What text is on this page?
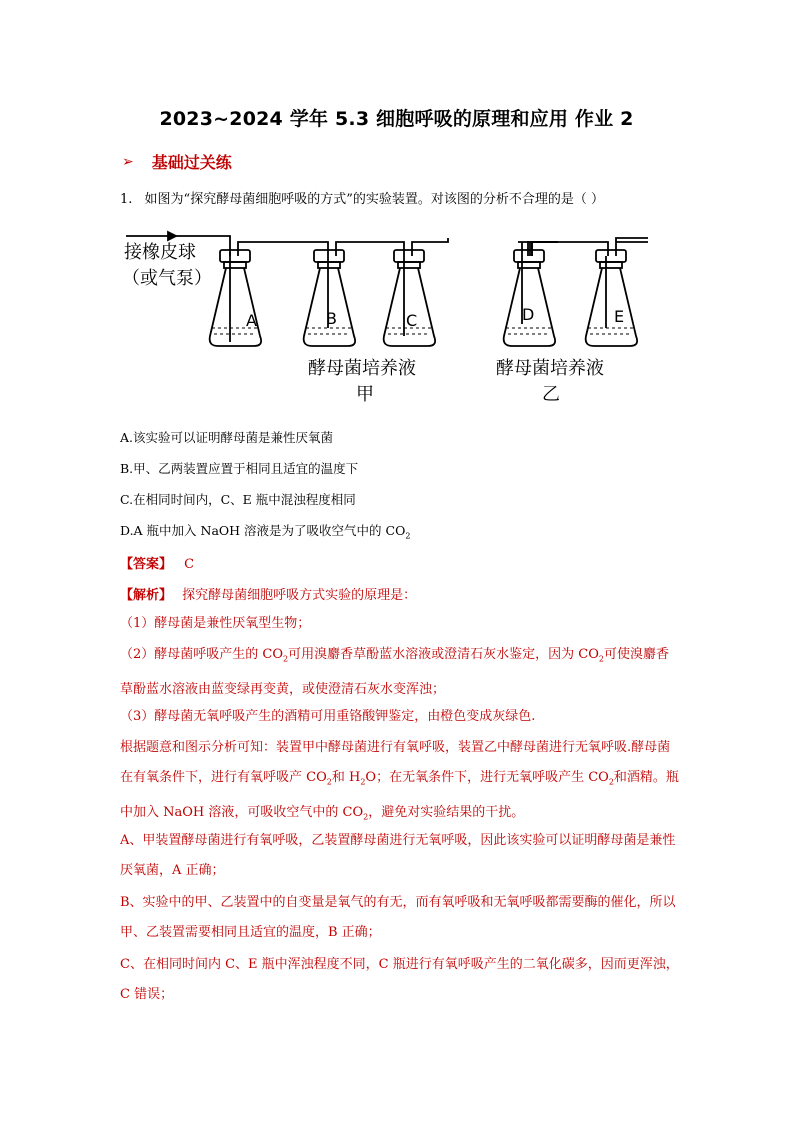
2023~2024 学年 5.3 细胞呼吸的原理和应用 作业 2
➢ 基础过关练
1. 如图为“探究酵母菌细胞呼吸的方式”的实验装置。对该图的分析不合理的是（ ）
接橡皮球
（或气泵）
A	B	C
酵母菌培养液
甲
D	E
酵母菌培养液
乙
A.该实验可以证明酵母菌是兼性厌氧菌
B.甲、乙两装置应置于相同且适宜的温度下
C.在相同时间内，C、E 瓶中混浊程度相同
D.A 瓶中加入 NaOH 溶液是为了吸收空气中的 $CO_2$
【答案】 C
【解析】 探究酵母菌细胞呼吸方式实验的原理是：
（1）酵母菌是兼性厌氧型生物；
（2）酵母菌呼吸产生的 $CO_2$可用溴麝香草酚蓝水溶液或澄清石灰水鉴定，因为 $CO_2$可使溴麝香草酚蓝水溶液由蓝变绿再变黄，或使澄清石灰水变浑浊；
（3）酵母菌无氧呼吸产生的酒精可用重铬酸钾鉴定，由橙色变成灰绿色.
根据题意和图示分析可知：装置甲中酵母菌进行有氧呼吸，装置乙中酵母菌进行无氧呼吸.酵母菌在有氧条件下，进行有氧呼吸产 $CO_2$和 $H_2O$；在无氧条件下，进行无氧呼吸产生 $CO_2$和酒精。瓶中加入 NaOH 溶液，可吸收空气中的 $CO_2$，避免对实验结果的干扰。
A、甲装置酵母菌进行有氧呼吸，乙装置酵母菌进行无氧呼吸，因此该实验可以证明酵母菌是兼性厌氧菌，A 正确；
B、实验中的甲、乙装置中的自变量是氧气的有无，而有氧呼吸和无氧呼吸都需要酶的催化，所以甲、乙装置需要相同且适宜的温度，B 正确；
C、在相同时间内 C、E 瓶中浑浊程度不同，C 瓶进行有氧呼吸产生的二氧化碳多，因而更浑浊，C 错误；
